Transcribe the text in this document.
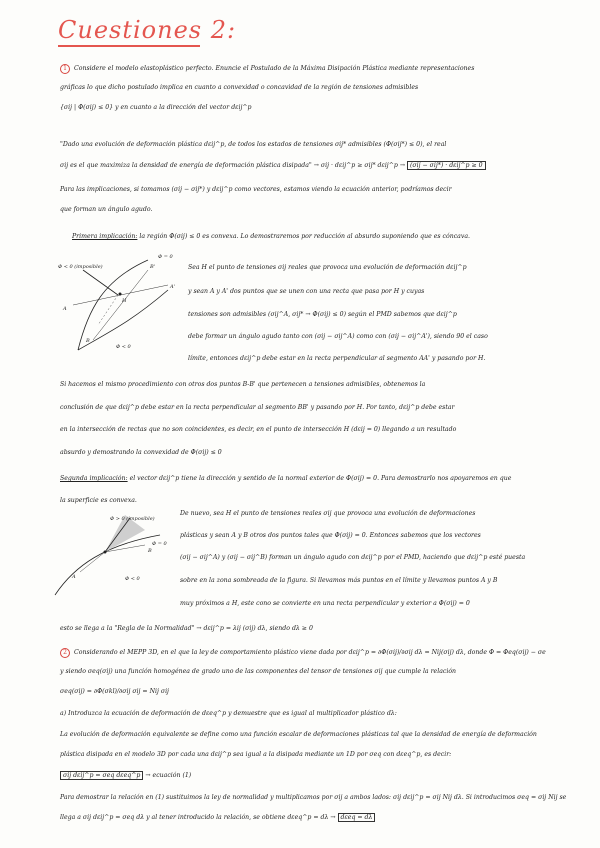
Cuestiones 2:
1 Considere el modelo elastoplástico perfecto. Enuncie el Postulado de la Máxima Disipación Plástica mediante representaciones
gráficas lo que dicho postulado implica en cuanto a convexidad o concavidad de la región de tensiones admisibles
{σij | Φ(σij) ≤ 0} y en cuanto a la dirección del vector dεij^p
"Dado una evolución de deformación plástica dεij^p, de todos los estados de tensiones σij* admisibles (Φ(σij*) ≤ 0), el real
σij es el que maximiza la densidad de energía de deformación plástica disipada" → σij · dεij^p ≥ σij* dεij^p → (σij − σij*) · dεij^p ≥ 0
Para las implicaciones, si tomamos (σij − σij*) y dεij^p como vectores, estamos viendo la ecuación anterior, podríamos decir
que forman un ángulo agudo.
Primera implicación: la región Φ(σij) ≤ 0 es convexa. Lo demostraremos por reducción al absurdo suponiendo que es cóncava.
Φ < 0 (imposible)
Φ = 0
A
A'
B
B'
H
Φ < 0
Sea H el punto de tensiones σij reales que provoca una evolución de deformación dεij^p
y sean A y A' dos puntos que se unen con una recta que pasa por H y cuyas
tensiones son admisibles (σij^A, σij* → Φ(σij) ≤ 0) según el PMD sabemos que dεij^p
debe formar un ángulo agudo tanto con (σij − σij^A) como con (σij − σij^A'), siendo 90 el caso
límite, entonces dεij^p debe estar en la recta perpendicular al segmento AA' y pasando por H.
Si hacemos el mismo procedimiento con otros dos puntos B-B' que pertenecen a tensiones admisibles, obtenemos la
conclusión de que dεij^p debe estar en la recta perpendicular al segmento BB' y pasando por H. Por tanto, dεij^p debe estar
en la intersección de rectas que no son coincidentes, es decir, en el punto de intersección H (dεij = 0) llegando a un resultado
absurdo y demostrando la convexidad de Φ(σij) ≤ 0
Segunda implicación: el vector dεij^p tiene la dirección y sentido de la normal exterior de Φ(σij) = 0. Para demostrarlo nos apoyaremos en que
la superficie es convexa.
Φ > 0 (imposible)
Φ = 0
Φ < 0
A
B
De nuevo, sea H el punto de tensiones reales σij que provoca una evolución de deformaciones
plásticas y sean A y B otros dos puntos tales que Φ(σij) = 0. Entonces sabemos que los vectores
(σij − σij^A) y (σij − σij^B) forman un ángulo agudo con dεij^p por el PMD, haciendo que dεij^p esté puesta
sobre en la zona sombreada de la figura. Si llevamos más puntos en el límite y llevamos puntos A y B
muy próximos a H, este cono se convierte en una recta perpendicular y exterior a Φ(σij) = 0
esto se llega a la "Regla de la Normalidad" → dεij^p = λij (σij) dλ, siendo dλ ≥ 0
2 Considerando el MEPP 3D, en el que la ley de comportamiento plástico viene dada por dεij^p = ∂Φ(σij)/∂σij dλ = Nij(σij) dλ, donde Φ = Φeq(σij) − σe
y siendo σeq(σij) una función homogénea de grado uno de las componentes del tensor de tensiones σij que cumple la relación
σeq(σij) = ∂Φ(σkl)/∂σij σij = Nij σij
a) Introduzca la ecuación de deformación de dεeq^p y demuestre que es igual al multiplicador plástico dλ:
La evolución de deformación equivalente se define como una función escalar de deformaciones plásticas tal que la densidad de energía de deformación
plástica disipada en el modelo 3D por cada una dεij^p sea igual a la disipada mediante un 1D por σeq con dεeq^p, es decir:
σij dεij^p = σeq dεeq^p → ecuación (1)
Para demostrar la relación en (1) sustituimos la ley de normalidad y multiplicamos por σij a ambos lados: σij dεij^p = σij Nij dλ. Si introducimos σeq = σij Nij se
llega a σij dεij^p = σeq dλ y al tener introducido la relación, se obtiene dεeq^p = dλ → dεeq = dλ
